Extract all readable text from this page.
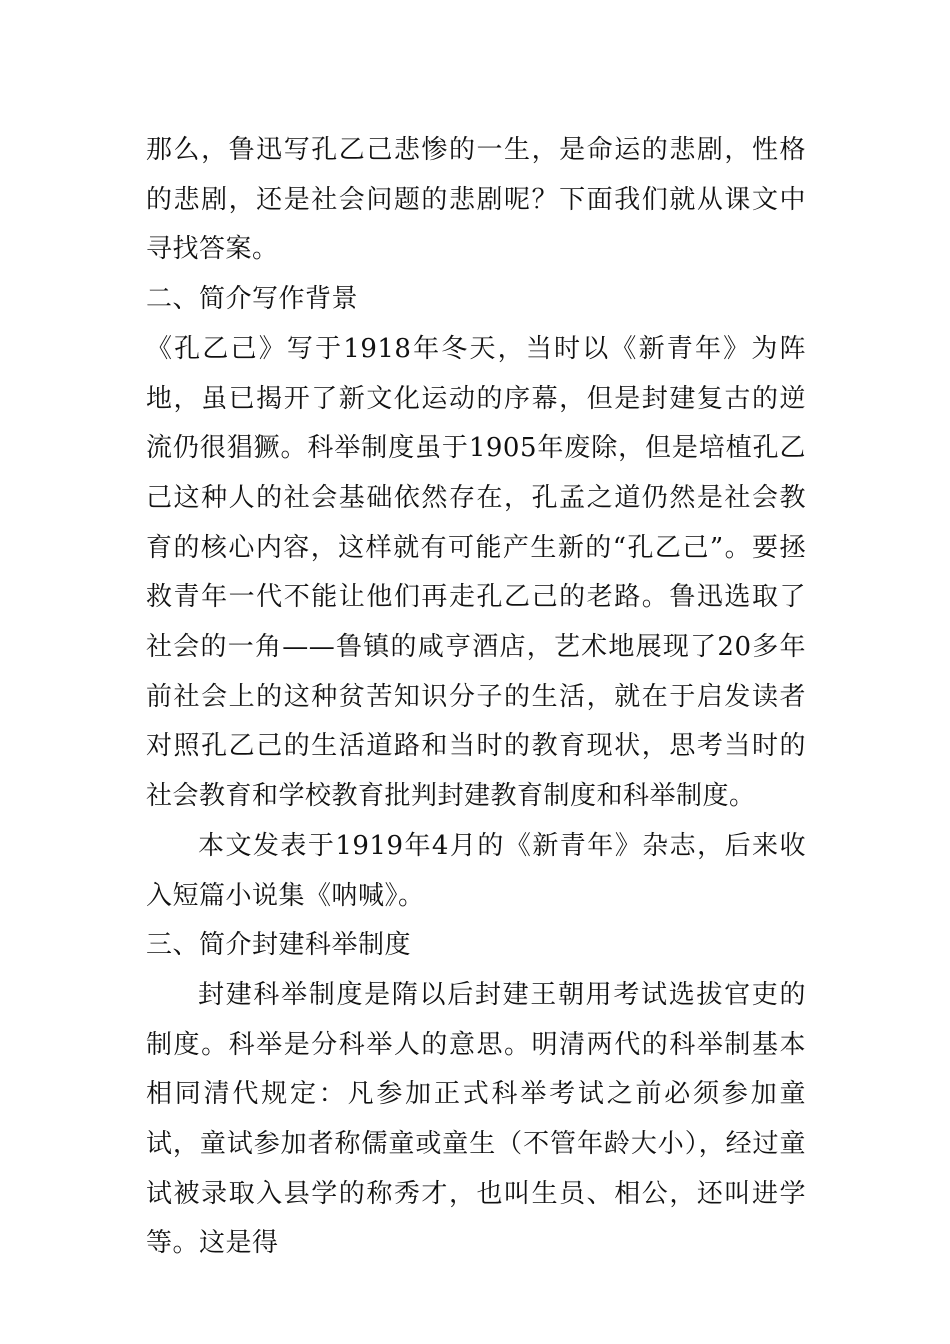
那么，鲁迅写孔乙己悲惨的一生，是命运的悲剧，性格的悲剧，还是社会问题的悲剧呢？下面我们就从课文中寻找答案。

二、简介写作背景

《孔乙己》写于1918年冬天，当时以《新青年》为阵地，虽已揭开了新文化运动的序幕，但是封建复古的逆流仍很猖獗。科举制度虽于1905年废除，但是培植孔乙己这种人的社会基础依然存在，孔孟之道仍然是社会教育的核心内容，这样就有可能产生新的“孔乙己”。要拯救青年一代不能让他们再走孔乙己的老路。鲁迅选取了社会的一角——鲁镇的咸亨酒店，艺术地展现了20多年前社会上的这种贫苦知识分子的生活，就在于启发读者对照孔乙己的生活道路和当时的教育现状，思考当时的社会教育和学校教育批判封建教育制度和科举制度。

本文发表于1919年4月的《新青年》杂志，后来收入短篇小说集《呐喊》。

三、简介封建科举制度

封建科举制度是隋以后封建王朝用考试选拔官吏的制度。科举是分科举人的意思。明清两代的科举制基本相同清代规定：凡参加正式科举考试之前必须参加童试，童试参加者称儒童或童生（不管年龄大小），经过童试被录取入县学的称秀才，也叫生员、相公，还叫进学等。这是得
